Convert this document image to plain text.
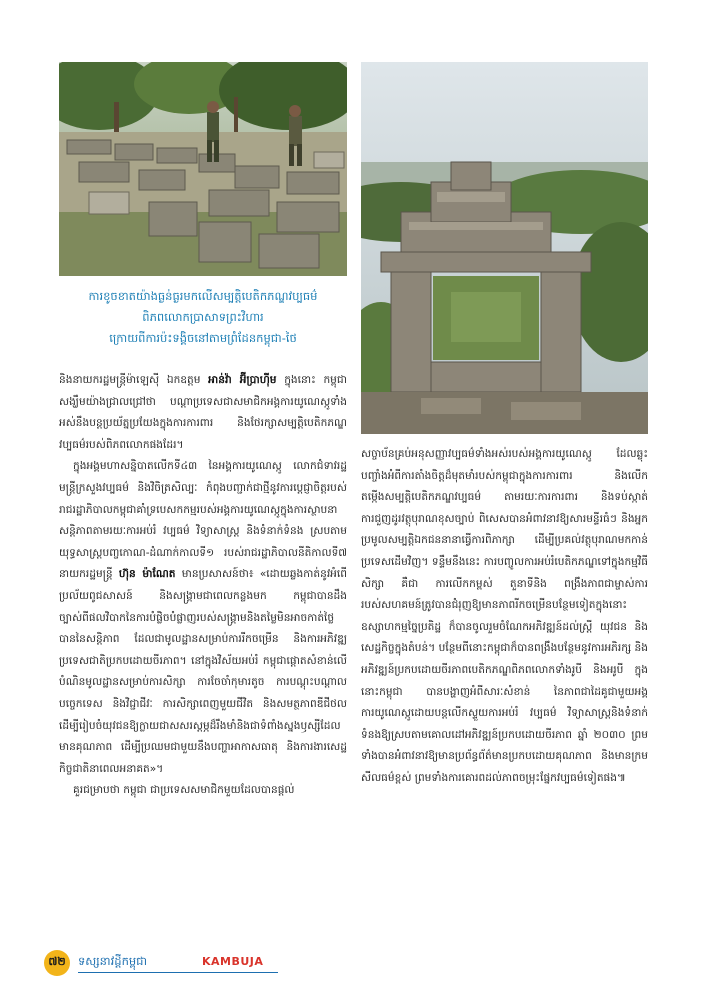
ការខូចខាតយ៉ាងធ្ងន់ធ្ងរមកលើសម្បត្តិបេតិកភណ្ឌវប្បធម៌
ពិភពលោកប្រាសាទព្រះវិហារ
ក្រោយពីការប៉ះទង្គិចនៅតាមព្រំដែនកម្ពុជា-ថៃ

និងនាយករដ្ឋមន្ត្រីម៉ាឡេស៊ី ឯកឧត្តម អាន់វ៉ា អ៊ីប្រាហ៊ីម ក្នុងនោះ កម្ពុជា សង្ឃឹមយ៉ាងជ្រាលជ្រៅថា បណ្ដាប្រទេសជាសមាជិកអង្គការយូណេស្កូទាំងអស់នឹងបន្តប្រយ័ត្នប្រយែងក្នុងការការពារ និងថែរក្សាសម្បត្តិបេតិកភណ្ឌវប្បធម៌របស់ពិភពលោកផងដែរ។

ក្នុងអង្គមហាសន្និបាតលើកទី៤៣ នៃអង្គការយូណេស្កូ លោកជំទាវរដ្ឋមន្ត្រីក្រសួងវប្បធម៌ និងវិចិត្រសិល្បៈ កំពុងបញ្ជាក់ជាថ្មីនូវការប្តេជ្ញាចិត្តរបស់រាជរដ្ឋាភិបាលកម្ពុជាគាំទ្របេសកកម្មរបស់អង្គការយូណេស្កូក្នុងការស្ថាបនាសន្តិភាពតាមរយៈការអប់រំ វប្បធម៌ វិទ្យាសាស្ត្រ និងទំនាក់ទំនង ស្របតាមយុទ្ធសាស្ត្របញ្ចកោណ-ដំណាក់កាលទី១ របស់រាជរដ្ឋាភិបាលនីតិកាលទី៧ នាយករដ្ឋមន្ត្រី ហ៊ុន ម៉ាណែត មានប្រសាសន៍ថា៖ «ដោយឆ្លងកាត់នូវអំពើប្រល័យពូជសាសន៍ និងសង្គ្រាមជាពេលកន្លងមក កម្ពុជាបានដឹងច្បាស់ពីផលវិបាកនៃការបំផ្លិចបំផ្លាញរបស់សង្គ្រាមនិងតម្លៃមិនអាចកាត់ថ្លៃបាននៃសន្តិភាព ដែលជាមូលដ្ឋានសម្រាប់ការរីកចម្រើន និងការអភិវឌ្ឍប្រទេសជាតិប្រកបដោយចីរភាព។ នៅក្នុងវិស័យអប់រំ កម្ពុជាផ្តោតសំខាន់លើបំណិនមូលដ្ឋានសម្រាប់ការសិក្សា ការចែចាំកុមារតូច ការបណ្តុះបណ្តាលបច្ចេកទេស និងវិជ្ជាជីវៈ ការសិក្សាពេញមួយជីវិត និងសមត្ថភាពឌីជីថល ដើម្បីរៀបចំយុវជនឱ្យក្លាយជាសសរស្តម្ភដ៏រឹងមាំនិងជាទំពាំងស្នងឫស្សីដែលមានគុណភាព ដើម្បីប្រឈមជាមួយនឹងបញ្ហាអាកាសធាតុ និងការងារសេដ្ឋកិច្ចជាតិនាពេលអនាគត»។

គួរជម្រាបថា កម្ពុជា ជាប្រទេសសមាជិកមួយដែលបានផ្តល់

សច្ចាប័នគ្រប់អនុសញ្ញាវប្បធម៌ទាំងអស់របស់អង្គការយូណេស្កូ ដែលឆ្លុះបញ្ចាំងអំពីការតាំងចិត្តដ៏មុតមាំរបស់កម្ពុជាក្នុងការការពារ និងលើកតម្កើងសម្បត្តិបេតិកភណ្ឌវប្បធម៌ តាមរយៈការការពារ និងទប់ស្កាត់ការជួញដូរវត្ថុបុរាណខុសច្បាប់ ពិសេសបានអំពាវនាវឱ្យសារមន្ទីរធំៗ និងអ្នកប្រមូលសម្បត្តិឯកជននានាធ្វើការពិភាក្សា ដើម្បីប្រគល់វត្ថុបុរាណមកកាន់ប្រទេសដើមវិញ។ ទន្ទឹមនឹងនេះ ការបញ្ចូលការអប់រំបេតិកភណ្ឌទៅក្នុងកម្មវិធីសិក្សា គឺជា ការលើកកម្ពស់ តួនាទីនិង ពង្រឹងភាពជាម្ចាស់ការរបស់សហគមន៍ត្រូវបានជំរុញឱ្យមានភាពរីកចម្រើនបន្ថែមទៀតក្នុងនោះឧស្សាហកម្មច្នៃប្រតិដ្ឋ ក៏បានចូលរួមចំណែកអភិវឌ្ឍន៍ដល់ស្ត្រី យុវជន និងសេដ្ឋកិច្ចក្នុងតំបន់។ បន្ថែមពីនោះកម្ពុជាក៏បានពង្រឹងបន្ថែមនូវការអភិរក្ស និងអភិវឌ្ឍន៍ប្រកបដោយចីរភាពបេតិកភណ្ឌពិភពលោកទាំងរូបី និងអរូបី ក្នុងនោះកម្ពុជា បានបង្ហាញអំពីសារៈសំខាន់ នៃភាពជាដៃគូជាមួយអង្គការយូណេស្កូដោយបន្តលើកស្ទួយការអប់រំ វប្បធម៌ វិទ្យាសាស្ត្រនិងទំនាក់ទំនងឱ្យស្របតាមគោលដៅអភិវឌ្ឍន៍ប្រកបដោយចីរភាព ឆ្នាំ ២០៣០ ព្រមទាំងបានអំពាវនាវឱ្យមានប្រព័ន្ធព័ត៌មានប្រកបដោយគុណភាព និងមានក្រមសីលធម៌ខ្ពស់ ព្រមទាំងការគោរពដល់ភាពចម្រុះផ្នែកវប្បធម៌ទៀតផង៕

៧២ ទស្សនាវដ្តីកម្ពុជា	KAMBUJA
